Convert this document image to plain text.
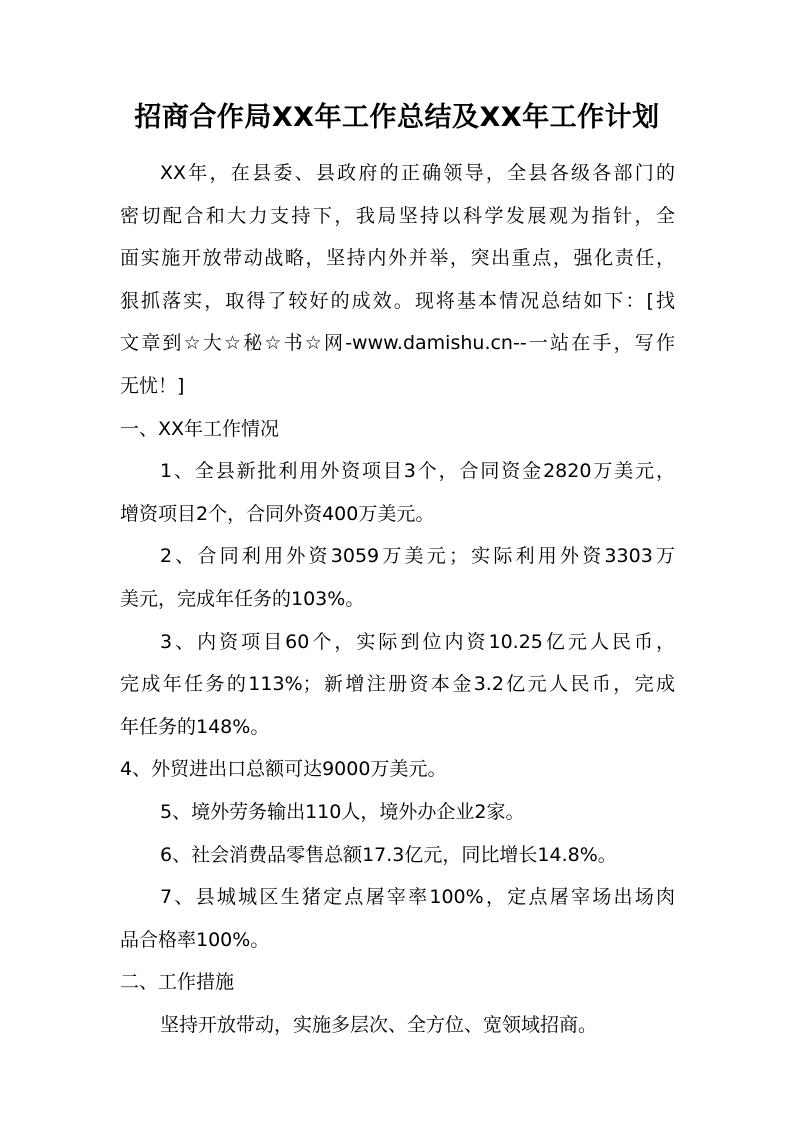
招商合作局XX年工作总结及XX年工作计划
XX年，在县委、县政府的正确领导，全县各级各部门的
密切配合和大力支持下，我局坚持以科学发展观为指针，全
面实施开放带动战略，坚持内外并举，突出重点，强化责任，
狠抓落实，取得了较好的成效。现将基本情况总结如下：[找
文章到☆大☆秘☆书☆网-www.damishu.cn--一站在手，写作
无忧！]
一、XX年工作情况
1、全县新批利用外资项目3个，合同资金2820万美元，
增资项目2个，合同外资400万美元。
2、合同利用外资3059万美元；实际利用外资3303万
美元，完成年任务的103%。
3、内资项目60个，实际到位内资10.25亿元人民币，
完成年任务的113%；新增注册资本金3.2亿元人民币，完成
年任务的148%。
4、外贸进出口总额可达9000万美元。
5、境外劳务输出110人，境外办企业2家。
6、社会消费品零售总额17.3亿元，同比增长14.8%。
7、县城城区生猪定点屠宰率100%，定点屠宰场出场肉
品合格率100%。
二、工作措施
坚持开放带动，实施多层次、全方位、宽领域招商。
